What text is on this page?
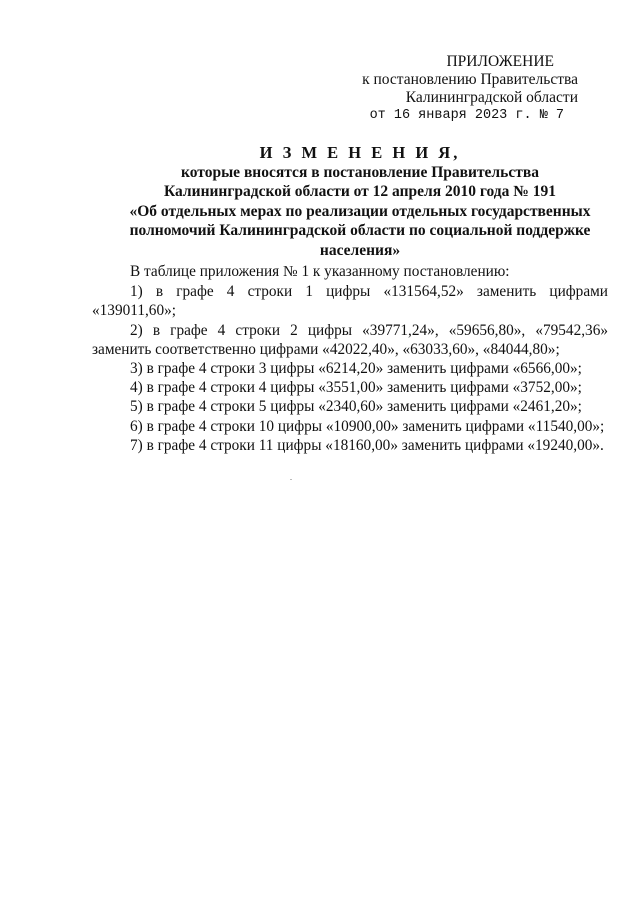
ПРИЛОЖЕНИЕ
к постановлению Правительства
Калининградской области
от 16 января 2023 г. № 7
И З М Е Н Е Н И Я,
которые вносятся в постановление Правительства
Калининградской области от 12 апреля 2010 года № 191
«Об отдельных мерах по реализации отдельных государственных
полномочий Калининградской области по социальной поддержке
населения»

В таблице приложения № 1 к указанному постановлению:

1) в графе 4 строки 1 цифры «131564,52» заменить цифрами «139011,60»;

2) в графе 4 строки 2 цифры «39771,24», «59656,80», «79542,36» заменить соответственно цифрами «42022,40», «63033,60», «84044,80»;

3) в графе 4 строки 3 цифры «6214,20» заменить цифрами «6566,00»;

4) в графе 4 строки 4 цифры «3551,00» заменить цифрами «3752,00»;

5) в графе 4 строки 5 цифры «2340,60» заменить цифрами «2461,20»;

6) в графе 4 строки 10 цифры «10900,00» заменить цифрами «11540,00»;

7) в графе 4 строки 11 цифры «18160,00» заменить цифрами «19240,00».
